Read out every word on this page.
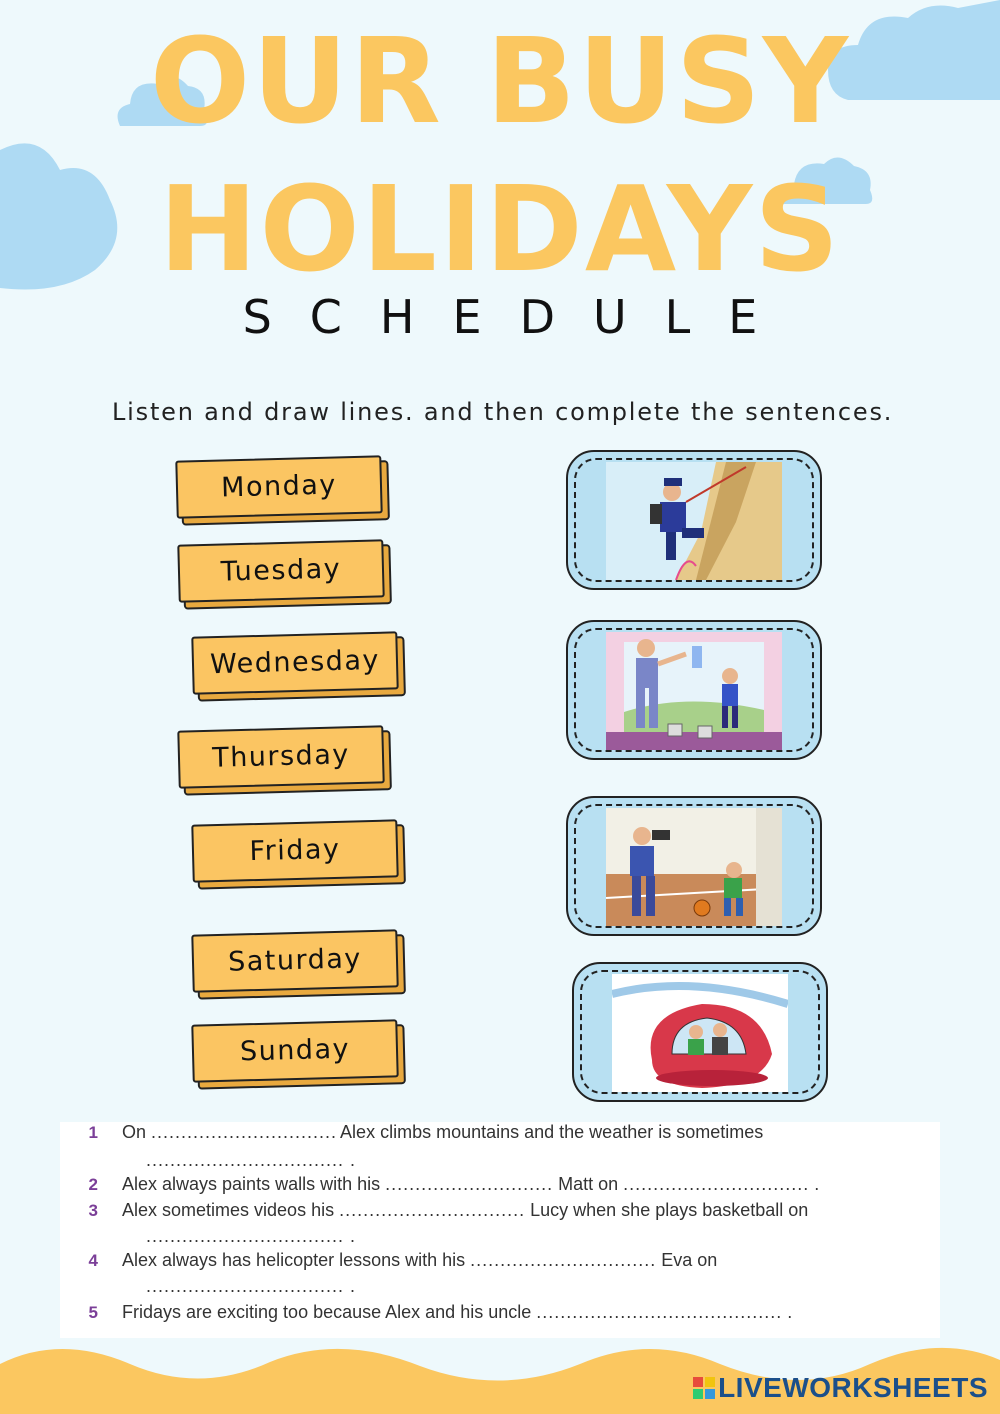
OUR BUSY
HOLIDAYS
SCHEDULE
Listen and draw lines. and then complete the sentences.
Monday
Tuesday
Wednesday
Thursday
Friday
Saturday
Sunday
1 On ............................... Alex climbs mountains and the weather is sometimes
................................. .
2 Alex always paints walls with his ............................ Matt on ............................... .
3 Alex sometimes videos his ............................... Lucy when she plays basketball on
................................. .
4 Alex always has helicopter lessons with his ............................... Eva on
................................. .
5 Fridays are exciting too because Alex and his uncle ......................................... .
LIVEWORKSHEETS
